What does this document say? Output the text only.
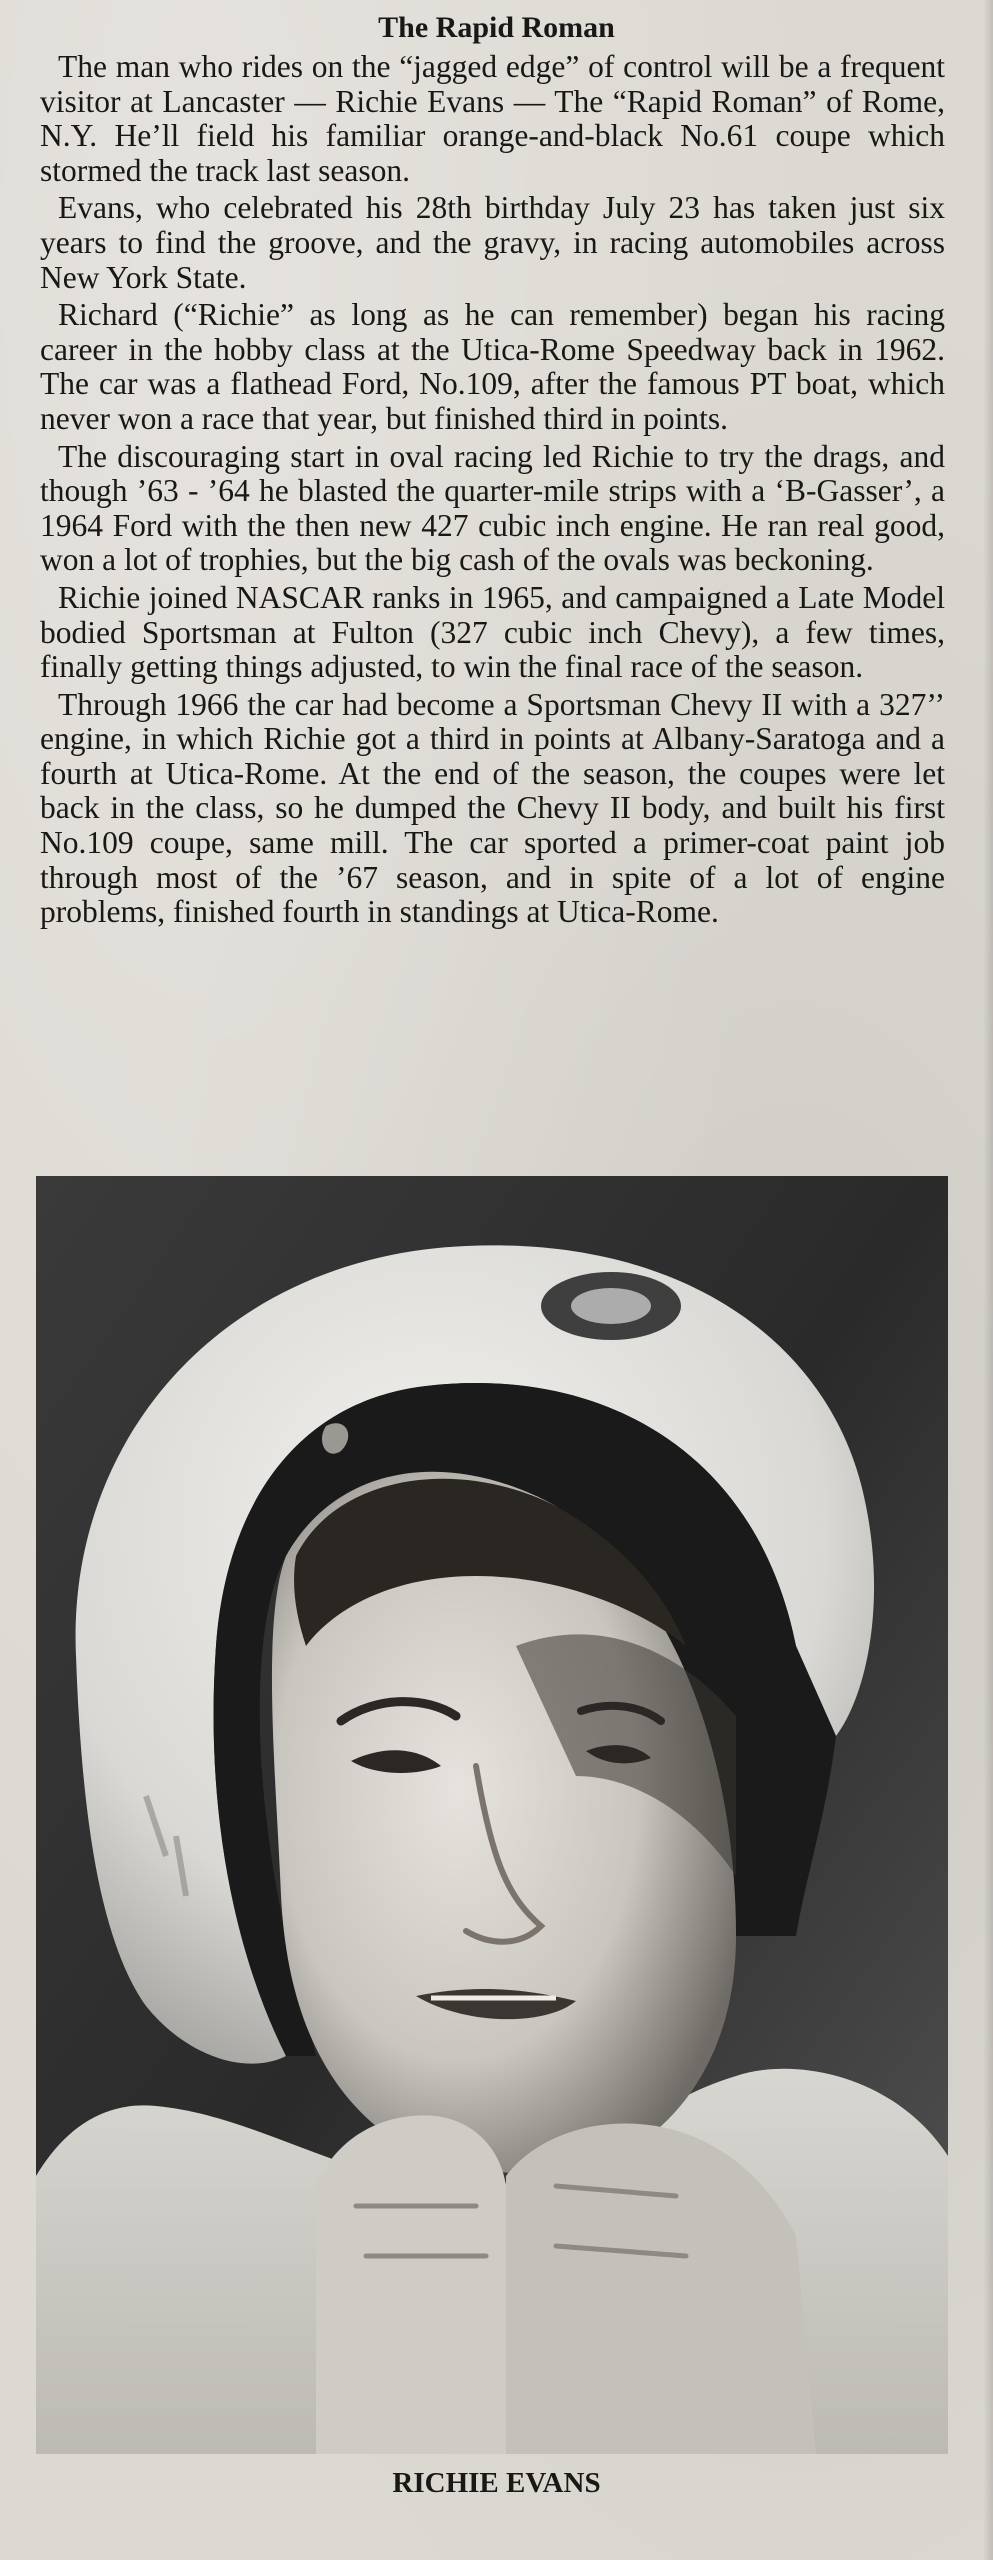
The Rapid Roman

The man who rides on the “jagged edge” of control will be a frequent visitor at Lancaster — Richie Evans — The “Rapid Roman” of Rome, N.Y. He’ll field his familiar orange-and-black No.61 coupe which stormed the track last season.

Evans, who celebrated his 28th birthday July 23 has taken just six years to find the groove, and the gravy, in racing automobiles across New York State.

Richard (“Richie” as long as he can remember) began his racing career in the hobby class at the Utica-Rome Speedway back in 1962. The car was a flathead Ford, No.109, after the famous PT boat, which never won a race that year, but finished third in points.

The discouraging start in oval racing led Richie to try the drags, and though ’63 - ’64 he blasted the quarter-mile strips with a ‘B-Gasser’, a 1964 Ford with the then new 427 cubic inch engine. He ran real good, won a lot of trophies, but the big cash of the ovals was beckoning.

Richie joined NASCAR ranks in 1965, and campaigned a Late Model bodied Sportsman at Fulton (327 cubic inch Chevy), a few times, finally getting things adjusted, to win the final race of the season.

Through 1966 the car had become a Sportsman Chevy II with a 327’’ engine, in which Richie got a third in points at Albany-Saratoga and a fourth at Utica-Rome. At the end of the season, the coupes were let back in the class, so he dumped the Chevy II body, and built his first No.109 coupe, same mill. The car sported a primer-coat paint job through most of the ’67 season, and in spite of a lot of engine problems, finished fourth in standings at Utica-Rome.

RICHIE EVANS
